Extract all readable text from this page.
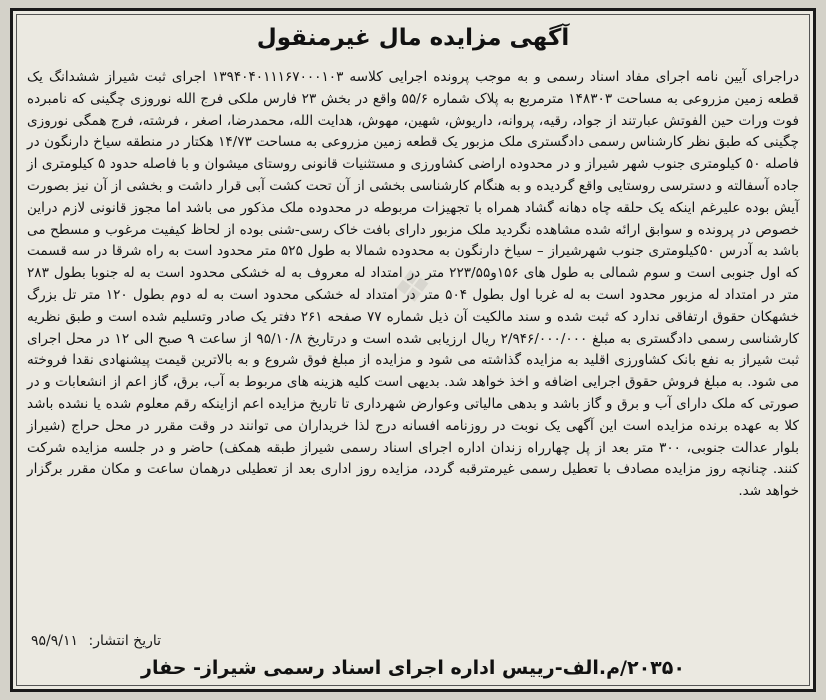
آگهی مزایده مال غیرمنقول
❖
دراجرای آیین نامه اجرای مفاد اسناد رسمی و به موجب پرونده اجرایی کلاسه ۱۳۹۴۰۴۰۱۱۱۶۷۰۰۰۱۰۳ اجرای ثبت شیراز ششدانگ یک قطعه زمین مزروعی به مساحت ۱۴۸۳۰۳ مترمربع به پلاک شماره ۵۵/۶ واقع در بخش ۲۳ فارس ملکی فرج الله نوروزی چگینی که نامبرده فوت ورات حین الفوتش عبارتند از جواد، رقیه، پروانه، داریوش، شهین، مهوش، هدایت الله، محمدرضا، اصغر ، فرشته، فرج همگی نوروزی چگینی که طبق نظر کارشناس رسمی دادگستری ملک مزبور یک قطعه زمین مزروعی به مساحت ۱۴/۷۳ هکتار در منطقه سیاخ دارنگون در فاصله ۵۰ کیلومتری جنوب شهر شیراز و در محدوده اراضی کشاورزی و مستثنیات قانونی روستای میشوان و با فاصله حدود ۵ کیلومتری از جاده آسفالته و دسترسی روستایی واقع گردیده و به هنگام کارشناسی بخشی از آن تحت کشت آبی قرار داشت و بخشی از آن نیز بصورت آیش بوده علیرغم اینکه یک حلقه چاه دهانه گشاد همراه با تجهیزات مربوطه در محدوده ملک مذکور می باشد اما مجوز قانونی لازم دراین خصوص در پرونده و سوابق ارائه شده مشاهده نگردید ملک مزبور دارای بافت خاک رسی-شنی بوده از لحاظ کیفیت مرغوب و مسطح می باشد به آدرس ۵۰کیلومتری جنوب شهرشیراز – سیاخ دارنگون به محدوده شمالا به طول ۵۲۵ متر محدود است به راه شرقا در سه قسمت که اول جنوبی است و سوم شمالی به طول های ۱۵۶و۲۲۳/۵۵ متر در امتداد له معروف به له خشکی محدود است به له جنوبا بطول ۲۸۳ متر در امتداد له مزبور محدود است به له غربا اول بطول ۵۰۴ متر در امتداد له خشکی محدود است به له دوم بطول ۱۲۰ متر تل بزرگ خشهکان حقوق ارتفاقی ندارد که ثبت شده و سند مالکیت آن ذیل شماره ۷۷ صفحه ۲۶۱ دفتر یک صادر وتسلیم شده است و طبق نظریه کارشناسی رسمی دادگستری به مبلغ ۲/۹۴۶/۰۰۰/۰۰۰ ریال ارزیابی شده است و درتاریخ ۹۵/۱۰/۸ از ساعت ۹ صبح الی ۱۲ در محل اجرای ثبت شیراز به نفع بانک کشاورزی اقلید به مزایده گذاشته می شود و مزایده از مبلغ فوق شروع و به بالاترین قیمت پیشنهادی نقدا فروخته می شود. به مبلغ فروش حقوق اجرایی اضافه و اخذ خواهد شد. بدیهی است کلیه هزینه های مربوط به آب، برق، گاز اعم از انشعابات و در صورتی که ملک دارای آب و برق و گاز باشد و بدهی مالیاتی وعوارض شهرداری تا تاریخ مزایده اعم ازاینکه رقم معلوم شده یا نشده باشد کلا به عهده برنده مزایده است این آگهی یک نوبت در روزنامه افسانه درج لذا خریداران می توانند در وقت مقرر در محل حراج (شیراز بلوار عدالت جنوبی، ۳۰۰ متر بعد از پل چهارراه زندان اداره اجرای اسناد رسمی شیراز طبقه همکف) حاضر و در جلسه مزایده شرکت کنند. چنانچه روز مزایده مصادف با تعطیل رسمی غیرمترقبه گردد، مزایده روز اداری بعد از تعطیلی درهمان ساعت و مکان مقرر برگزار خواهد شد.
تاریخ انتشار: ۹۵/۹/۱۱
۲۰۳۵۰/م.الف-رییس اداره اجرای اسناد رسمی شیراز- حفار
